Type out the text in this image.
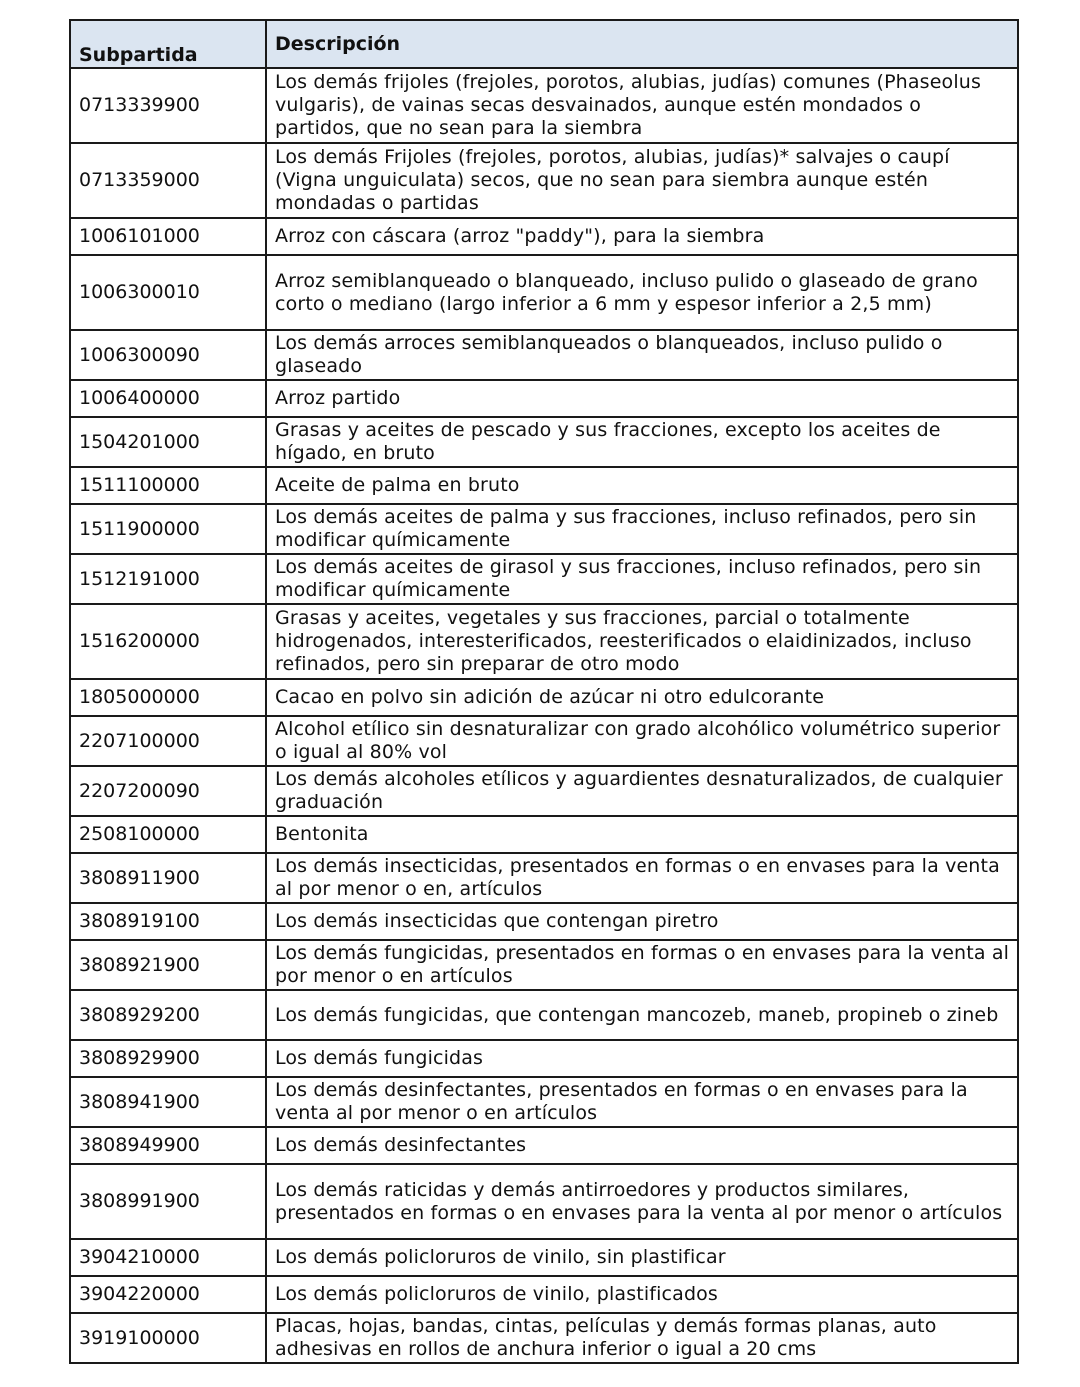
Subpartida	Descripción
0713339900	Los demás frijoles (frejoles, porotos, alubias, judías) comunes (Phaseolus vulgaris), de vainas secas desvainados, aunque estén mondados o partidos, que no sean para la siembra
0713359000	Los demás Frijoles (frejoles, porotos, alubias, judías)* salvajes o caupí (Vigna unguiculata) secos, que no sean para siembra aunque estén mondadas o partidas
1006101000	Arroz con cáscara (arroz "paddy"), para la siembra
1006300010	Arroz semiblanqueado o blanqueado, incluso pulido o glaseado de grano corto o mediano (largo inferior a 6 mm y espesor inferior a 2,5 mm)
1006300090	Los demás arroces semiblanqueados o blanqueados, incluso pulido o glaseado
1006400000	Arroz partido
1504201000	Grasas y aceites de pescado y sus fracciones, excepto los aceites de hígado, en bruto
1511100000	Aceite de palma en bruto
1511900000	Los demás aceites de palma y sus fracciones, incluso refinados, pero sin modificar químicamente
1512191000	Los demás aceites de girasol y sus fracciones, incluso refinados, pero sin modificar químicamente
1516200000	Grasas y aceites, vegetales y sus fracciones, parcial o totalmente hidrogenados, interesterificados, reesterificados o elaidinizados, incluso refinados, pero sin preparar de otro modo
1805000000	Cacao en polvo sin adición de azúcar ni otro edulcorante
2207100000	Alcohol etílico sin desnaturalizar con grado alcohólico volumétrico superior o igual al 80% vol
2207200090	Los demás alcoholes etílicos y aguardientes desnaturalizados, de cualquier graduación
2508100000	Bentonita
3808911900	Los demás insecticidas, presentados en formas o en envases para la venta al por menor o en, artículos
3808919100	Los demás insecticidas que contengan piretro
3808921900	Los demás fungicidas, presentados en formas o en envases para la venta al por menor o en artículos
3808929200	Los demás fungicidas, que contengan mancozeb, maneb, propineb o zineb
3808929900	Los demás fungicidas
3808941900	Los demás desinfectantes, presentados en formas o en envases para la venta al por menor o en artículos
3808949900	Los demás desinfectantes
3808991900	Los demás raticidas y demás antirroedores y productos similares, presentados en formas o en envases para la venta al por menor o artículos
3904210000	Los demás policloruros de vinilo, sin plastificar
3904220000	Los demás policloruros de vinilo, plastificados
3919100000	Placas, hojas, bandas, cintas, películas y demás formas planas, auto adhesivas en rollos de anchura inferior o igual a 20 cms
